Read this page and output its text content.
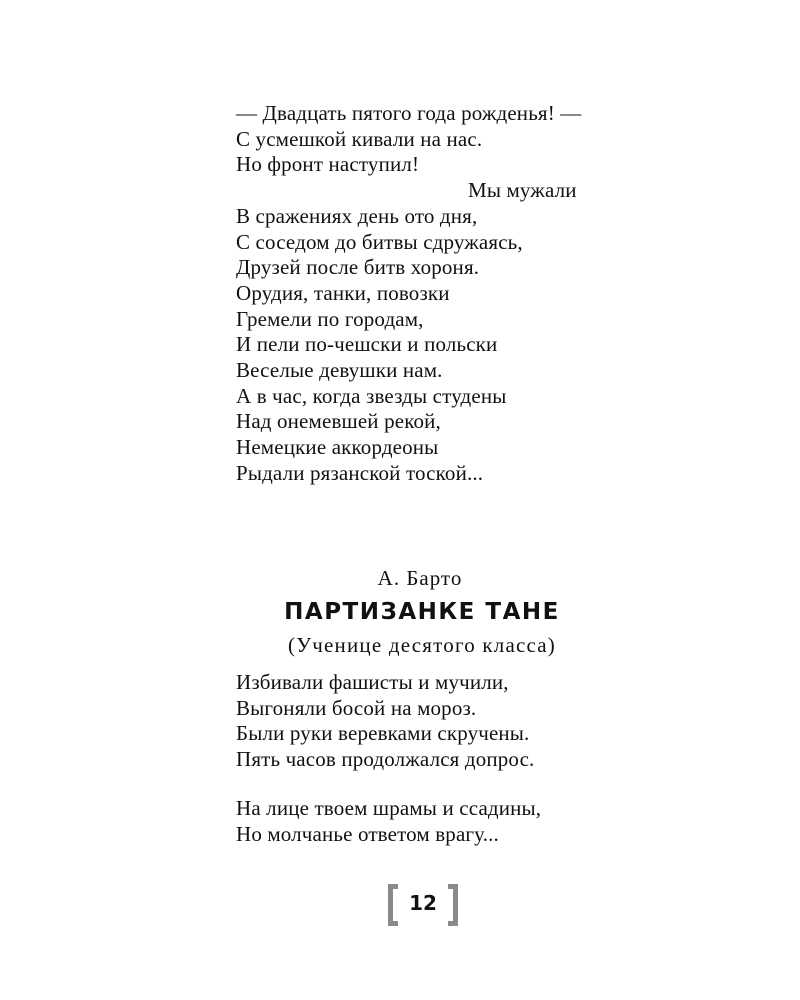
— Двадцать пятого года рожденья! —
С усмешкой кивали на нас.
Но фронт наступил!
Мы мужали
В сражениях день ото дня,
С соседом до битвы сдружаясь,
Друзей после битв хороня.
Орудия, танки, повозки
Гремели по городам,
И пели по-чешски и польски
Веселые девушки нам.
А в час, когда звезды студены
Над онемевшей рекой,
Немецкие аккордеоны
Рыдали рязанской тоской...
А. Барто
ПАРТИЗАНКЕ ТАНЕ
(Ученице десятого класса)
Избивали фашисты и мучили,
Выгоняли босой на мороз.
Были руки веревками скручены.
Пять часов продолжался допрос.
На лице твоем шрамы и ссадины,
Но молчанье ответом врагу...
12
